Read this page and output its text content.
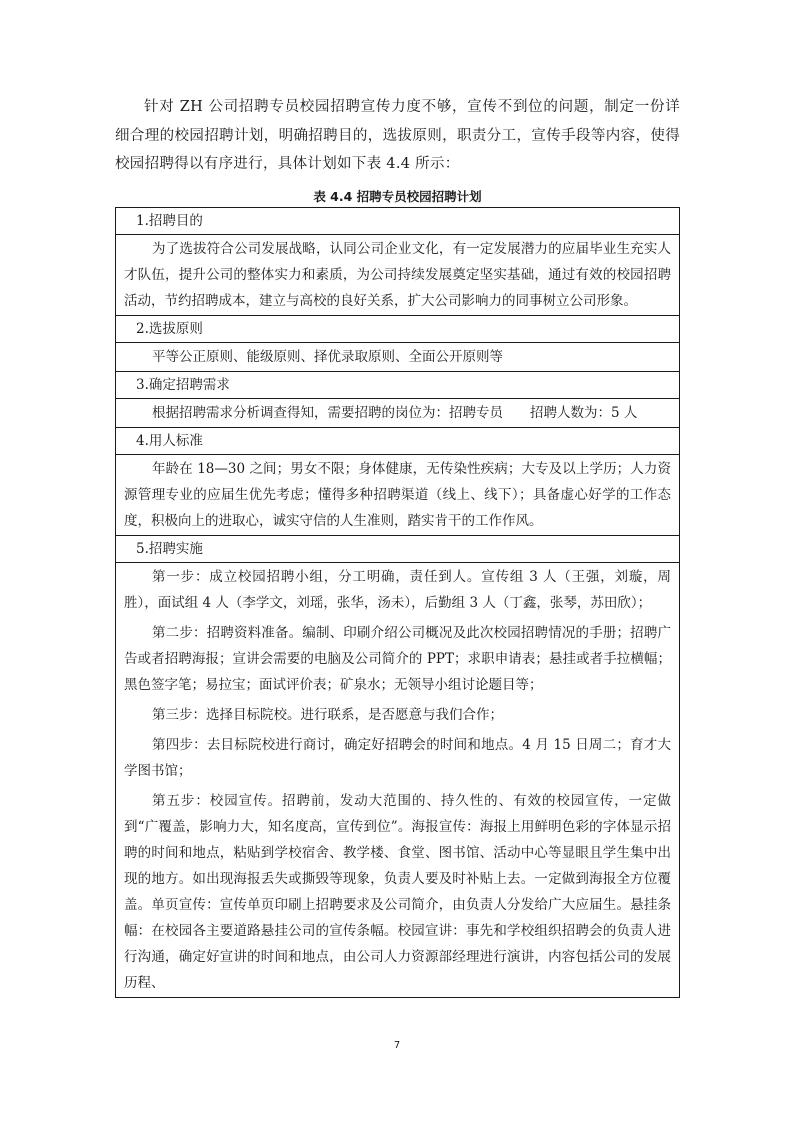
针对 ZH 公司招聘专员校园招聘宣传力度不够，宣传不到位的问题，制定一份详细合理的校园招聘计划，明确招聘目的，选拔原则，职责分工，宣传手段等内容，使得校园招聘得以有序进行，具体计划如下表 4.4 所示：

表 4.4 招聘专员校园招聘计划
1.招聘目的

为了选拔符合公司发展战略，认同公司企业文化，有一定发展潜力的应届毕业生充实人才队伍，提升公司的整体实力和素质，为公司持续发展奠定坚实基础，通过有效的校园招聘活动，节约招聘成本，建立与高校的良好关系，扩大公司影响力的同事树立公司形象。

2.选拔原则

平等公正原则、能级原则、择优录取原则、全面公开原则等

3.确定招聘需求

根据招聘需求分析调查得知，需要招聘的岗位为：招聘专员　　招聘人数为：5 人

4.用人标准

年龄在 18—30 之间；男女不限；身体健康，无传染性疾病；大专及以上学历；人力资源管理专业的应届生优先考虑；懂得多种招聘渠道（线上、线下）；具备虚心好学的工作态度，积极向上的进取心，诚实守信的人生准则，踏实肯干的工作作风。

5.招聘实施

第一步：成立校园招聘小组，分工明确，责任到人。宣传组 3 人（王强，刘璇，周胜），面试组 4 人（李学文，刘瑶，张华，汤未），后勤组 3 人（丁鑫，张琴，苏田欣）；

第二步：招聘资料准备。编制、印刷介绍公司概况及此次校园招聘情况的手册；招聘广告或者招聘海报；宣讲会需要的电脑及公司简介的 PPT；求职申请表；悬挂或者手拉横幅；黑色签字笔；易拉宝；面试评价表；矿泉水；无领导小组讨论题目等；

第三步：选择目标院校。进行联系，是否愿意与我们合作；

第四步：去目标院校进行商讨，确定好招聘会的时间和地点。4 月 15 日周二；育才大学图书馆；

第五步：校园宣传。招聘前，发动大范围的、持久性的、有效的校园宣传，一定做到“广覆盖，影响力大，知名度高，宣传到位”。海报宣传：海报上用鲜明色彩的字体显示招聘的时间和地点，粘贴到学校宿舍、教学楼、食堂、图书馆、活动中心等显眼且学生集中出现的地方。如出现海报丢失或撕毁等现象，负责人要及时补贴上去。一定做到海报全方位覆盖。单页宣传：宣传单页印刷上招聘要求及公司简介，由负责人分发给广大应届生。悬挂条幅：在校园各主要道路悬挂公司的宣传条幅。校园宣讲：事先和学校组织招聘会的负责人进行沟通，确定好宣讲的时间和地点，由公司人力资源部经理进行演讲，内容包括公司的发展历程、

7
